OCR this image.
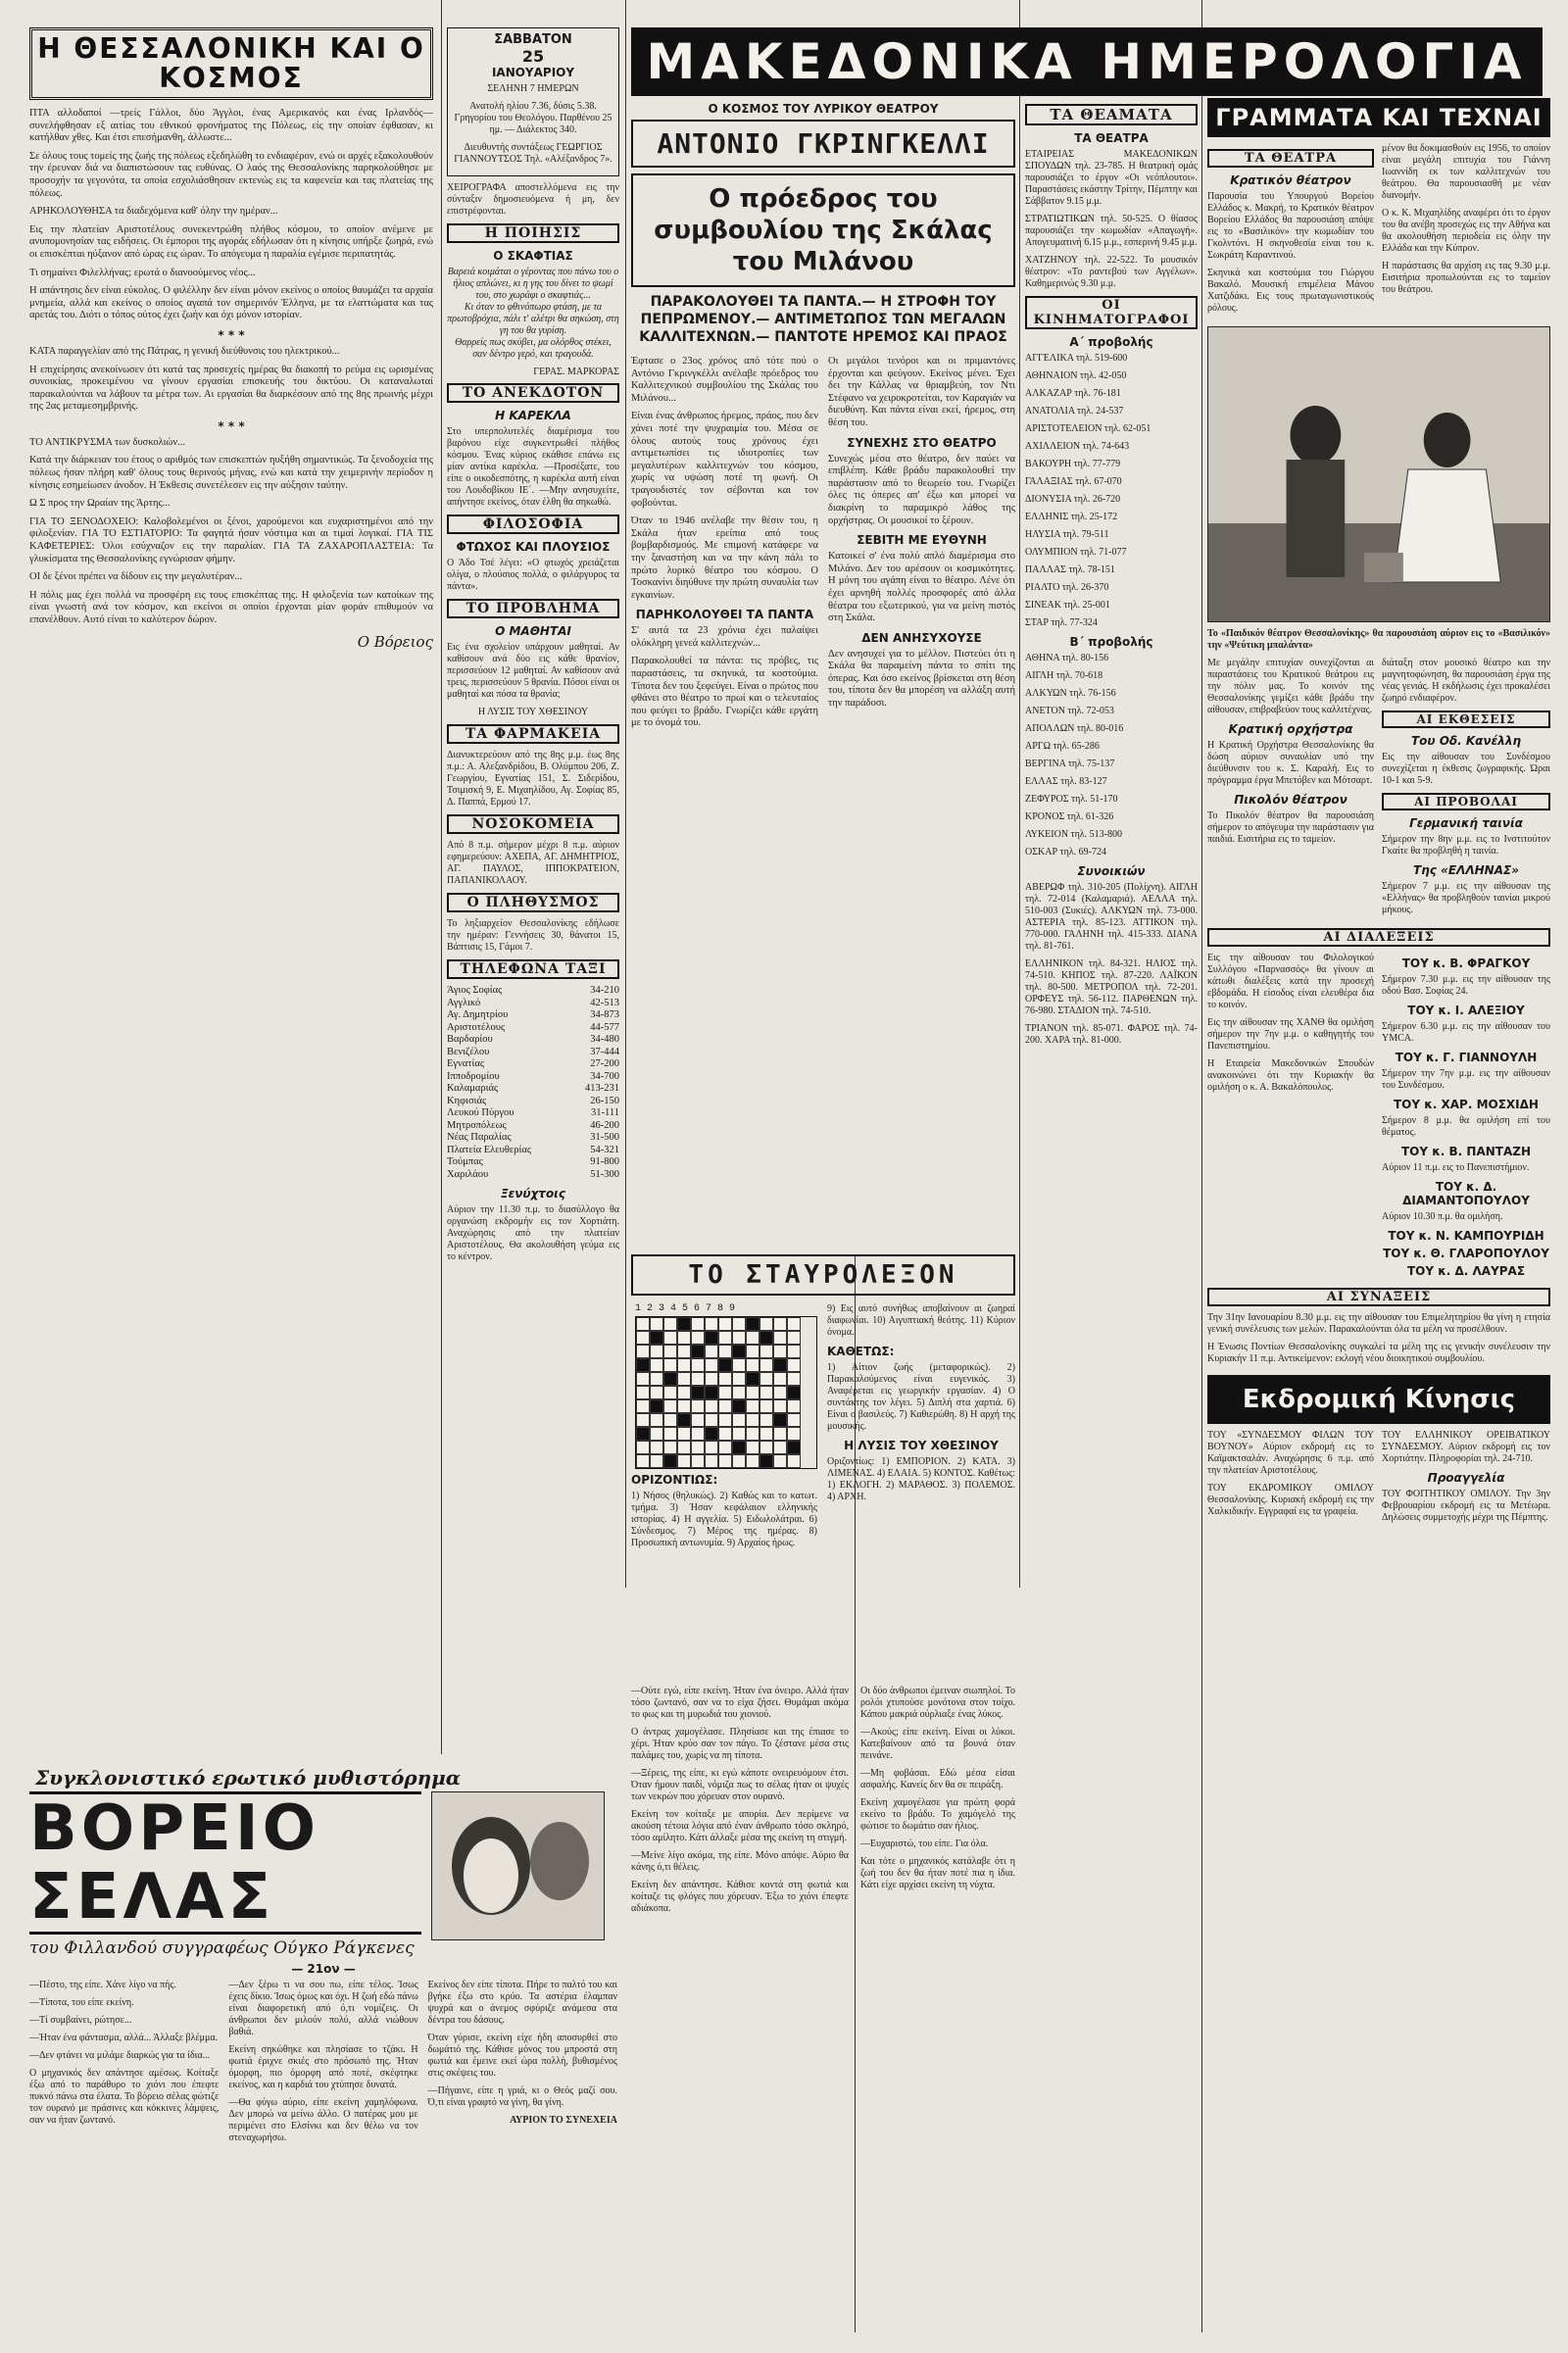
Η ΘΕΣΣΑΛΟΝΙΚΗ ΚΑΙ Ο ΚΟΣΜΟΣ

ΠΤΑ αλλοδαποί —τρείς Γάλλοι, δύο Άγγλοι, ένας Αμερικανός και ένας Ιρλανδός— συνελήφθησαν εξ αιτίας του εθνικού φρονήματος της Πόλεως, είς την οποίαν έφθασαν, κι κατήλθαν χθες. Και έτσι επεσήμανθη, άλλωστε...

Σε όλους τους τομείς της ζωής της πόλεως εξεδηλώθη το ενδιαφέρον, ενώ οι αρχές εξακολουθούν την έρευναν διά να διαπιστώσουν τας ευθύνας. Ο λαός της Θεσσαλονίκης παρηκολούθησε με προσοχήν τα γεγονότα, τα οποία εσχολιάσθησαν εκτενώς εις τα καφενεία και τας πλατείας της πόλεως.

ΑΡΗΚΟΛΟΥΘΗΣΑ τα διαδεχόμενα καθ' όλην την ημέραν...

Εις την πλατείαν Αριστοτέλους συνεκεντρώθη πλήθος κόσμου, το οποίον ανέμενε με ανυπομονησίαν τας ειδήσεις. Οι έμποροι της αγοράς εδήλωσαν ότι η κίνησις υπήρξε ζωηρά, ενώ οι επισκέπται ηύξανον από ώρας εις ώραν. Το απόγευμα η παραλία εγέμισε περιπατητάς.

Τι σημαίνει Φιλελλήνας; ερωτά ο διανοούμενος νέος...

Η απάντησις δεν είναι εύκολος. Ο φιλέλλην δεν είναι μόνον εκείνος ο οποίος θαυμάζει τα αρχαία μνημεία, αλλά και εκείνος ο οποίος αγαπά τον σημερινόν Έλληνα, με τα ελαττώματα και τας αρετάς του. Διότι ο τόπος ούτος έχει ζωήν και όχι μόνον ιστορίαν.

* * *

ΚΑΤΑ παραγγελίαν από της Πάτρας, η γενική διεύθυνσις του ηλεκτρικού...

Η επιχείρησις ανεκοίνωσεν ότι κατά τας προσεχείς ημέρας θα διακοπή το ρεύμα εις ωρισμένας συνοικίας, προκειμένου να γίνουν εργασίαι επισκευής του δικτύου. Οι καταναλωταί παρακαλούνται να λάβουν τα μέτρα των. Αι εργασίαι θα διαρκέσουν από της 8ης πρωινής μέχρι της 2ας μεταμεσημβρινής.

* * *

ΤΟ ΑΝΤΙΚΡΥΣΜΑ των δυσκολιών...

Κατά την διάρκειαν του έτους ο αριθμός των επισκεπτών ηυξήθη σημαντικώς. Τα ξενοδοχεία της πόλεως ήσαν πλήρη καθ' όλους τους θερινούς μήνας, ενώ και κατά την χειμερινήν περίοδον η κίνησις εσημείωσεν άνοδον. Η Έκθεσις συνετέλεσεν εις την αύξησιν ταύτην.

Ω Σ προς την Ωραίαν της Άρτης...

ΓΙΑ ΤΟ ΞΕΝΟΔΟΧΕΙΟ: Καλοβολεμένοι οι ξένοι, χαρούμενοι και ευχαριστημένοι από την φιλοξενίαν. ΓΙΑ ΤΟ ΕΣΤΙΑΤΟΡΙΟ: Τα φαγητά ήσαν νόστιμα και αι τιμαί λογικαί. ΓΙΑ ΤΙΣ ΚΑΦΕΤΕΡΙΕΣ: Όλοι εσύχναζον εις την παραλίαν. ΓΙΑ ΤΑ ΖΑΧΑΡΟΠΛΑΣΤΕΙΑ: Τα γλυκίσματα της Θεσσαλονίκης εγνώρισαν φήμην.

ΟΙ δε ξένοι πρέπει να δίδουν εις την μεγαλυτέραν...

Η πόλις μας έχει πολλά να προσφέρη εις τους επισκέπτας της. Η φιλοξενία των κατοίκων της είναι γνωστή ανά τον κόσμον, και εκείνοι οι οποίοι έρχονται μίαν φοράν επιθυμούν να επανέλθουν. Αυτό είναι το καλύτερον δώρον.

Ο Βόρειος
ΣΑΒΒΑΤΟΝ
25
ΙΑΝΟΥΑΡΙΟΥ
ΣΕΛΗΝΗ 7 ΗΜΕΡΩΝ

Ανατολή ηλίου 7.36, δύσις 5.38. Γρηγορίου του Θεολόγου. Παρθένου 25 ημ. — Διάλεκτος 340.

Διευθυντής συντάξεως ΓΕΩΡΓΙΟΣ ΓΙΑΝΝΟΥΤΣΟΣ Τηλ. «Αλέξανδρος 7».

ΧΕΙΡΟΓΡΑΦΑ αποστελλόμενα εις την σύνταξιν δημοσιευόμενα ή μη, δεν επιστρέφονται.

Η ΠΟΙΗΣΙΣ
Ο ΣΚΑΦΤΙΑΣ

Βαρειά κοιμάται ο γέροντας που πάνω του ο ήλιος απλώνει, κι η γης του δίνει το ψωμί του, στο χωράφι ο σκαφτιάς...
Κι όταν το φθινόπωρο φτάση, με τα πρωτοβρόχια, πάλι τ' αλέτρι θα σηκώση, στη γη του θα γυρίση.
Θαρρείς πως σκύβει, μα ολόρθος στέκει, σαν δέντρο γερό, και τραγουδά.

ΓΕΡΑΣ. ΜΑΡΚΟΡΑΣ
ΤΟ ΑΝΕΚΔΟΤΟΝ
Η ΚΑΡΕΚΛΑ

Στο υπερπολυτελές διαμέρισμα του βαρόνου είχε συγκεντρωθεί πλήθος κόσμου. Ένας κύριος εκάθισε επάνω εις μίαν αντίκα καρέκλα. —Προσέξατε, του είπε ο οικοδεσπότης, η καρέκλα αυτή είναι του Λουδοβίκου ΙΕ΄. —Μην ανησυχείτε, απήντησε εκείνος, όταν έλθη θα σηκωθώ.

ΦΙΛΟΣΟΦΙΑ
ΦΤΩΧΟΣ ΚΑΙ ΠΛΟΥΣΙΟΣ

Ο Άδο Τσέ λέγει: «Ο φτωχός χρειάζεται ολίγα, ο πλούσιος πολλά, ο φιλάργυρος τα πάντα».

ΤΟ ΠΡΟΒΛΗΜΑ
Ο ΜΑΘΗΤΑΙ

Εις ένα σχολείον υπάρχουν μαθηταί. Αν καθίσουν ανά δύο εις κάθε θρανίον, περισσεύουν 12 μαθηταί. Αν καθίσουν ανά τρεις, περισσεύουν 5 θρανία. Πόσοι είναι οι μαθηταί και πόσα τα θρανία;

Η ΛΥΣΙΣ ΤΟΥ ΧΘΕΣΙΝΟΥ

ΤΑ ΦΑΡΜΑΚΕΙΑ

Διανυκτερεύουν από της 8ης μ.μ. έως 8ης π.μ.: Α. Αλεξανδρίδου, Β. Ολύμπου 206, Ζ. Γεωργίου, Εγνατίας 151, Σ. Σιδερίδου, Τσιμισκή 9, Ε. Μιχαηλίδου, Αγ. Σοφίας 85, Δ. Παππά, Ερμού 17.

ΝΟΣΟΚΟΜΕΙΑ

Από 8 π.μ. σήμερον μέχρι 8 π.μ. αύριον εφημερεύουν: ΑΧΕΠΑ, ΑΓ. ΔΗΜΗΤΡΙΟΣ, ΑΓ. ΠΑΥΛΟΣ, ΙΠΠΟΚΡΑΤΕΙΟΝ, ΠΑΠΑΝΙΚΟΛΑΟΥ.

Ο ΠΛΗΘΥΣΜΟΣ

Το ληξιαρχείον Θεσσαλονίκης εδήλωσε την ημέραν: Γεννήσεις 30, θάνατοι 15, Βάπτισις 15, Γάμοι 7.

ΤΗΛΕΦΩΝΑ ΤΑΞΙ
Άγιος Σοφίας	34-210
Αγγλικό	42-513
Αγ. Δημητρίου	34-873
Αριστοτέλους	44-577
Βαρδαρίου	34-480
Βενιζέλου	37-444
Εγνατίας	27-200
Ιπποδρομίου	34-700
Καλαμαριάς	413-231
Κηφισιάς	26-150
Λευκού Πύργου	31-111
Μητροπόλεως	46-200
Νέας Παραλίας	31-500
Πλατεία Ελευθερίας	54-321
Τούμπας	91-800
Χαριλάου	51-300
Ξενύχτοις

Αύριον την 11.30 π.μ. το διασύλλογο θα οργανώση εκδρομήν εις τον Χορτιάτη. Αναχώρησις από την πλατείαν Αριστοτέλους. Θα ακολουθήση γεύμα εις το κέντρον.

ΜΑΚΕΔΟΝΙΚΑ ΗΜΕΡΟΛΟΓΙΑ
Ο ΚΟΣΜΟΣ ΤΟΥ ΛΥΡΙΚΟΥ ΘΕΑΤΡΟΥ
ΑΝΤΟΝΙΟ ΓΚΡΙΝΓΚΕΛΛΙ
Ο πρόεδρος του συμβουλίου της Σκάλας του Μιλάνου
ΠΑΡΑΚΟΛΟΥΘΕΙ ΤΑ ΠΑΝΤΑ.— Η ΣΤΡΟΦΗ ΤΟΥ ΠΕΠΡΩΜΕΝΟΥ.— ΑΝΤΙΜΕΤΩΠΟΣ ΤΩΝ ΜΕΓΑΛΩΝ ΚΑΛΛΙΤΕΧΝΩΝ.— ΠΑΝΤΟΤΕ ΗΡΕΜΟΣ ΚΑΙ ΠΡΑΟΣ

Έφτασε ο 23ος χρόνος από τότε πού ο Αντόνιο Γκρινγκέλλι ανέλαβε πρόεδρος του Καλλιτεχνικού συμβουλίου της Σκάλας του Μιλάνου...

Είναι ένας άνθρωπος ήρεμος, πράος, που δεν χάνει ποτέ την ψυχραιμία του. Μέσα σε όλους αυτούς τους χρόνους έχει αντιμετωπίσει τις ιδιοτροπίες των μεγαλυτέρων καλλιτεχνών του κόσμου, χωρίς να υψώση ποτέ τη φωνή. Οι τραγουδιστές τον σέβονται και τον φοβούνται.

Όταν το 1946 ανέλαβε την θέσιν του, η Σκάλα ήταν ερείπια από τους βομβαρδισμούς. Με επιμονή κατάφερε να την ξαναστήση και να την κάνη πάλι το πρώτο λυρικό θέατρο του κόσμου. Ο Τοσκανίνι διηύθυνε την πρώτη συναυλία των εγκαινίων.

ΠΑΡΗΚΟΛΟΥΘΕΙ ΤΑ ΠΑΝΤΑ

Σ' αυτά τα 23 χρόνια έχει παλαίψει ολόκληρη γενεά καλλιτεχνών...

Παρακολουθεί τα πάντα: τις πρόβες, τις παραστάσεις, τα σκηνικά, τα κοστούμια. Τίποτα δεν του ξεφεύγει. Είναι ο πρώτος που φθάνει στο θέατρο το πρωί και ο τελευταίος που φεύγει το βράδυ. Γνωρίζει κάθε εργάτη με το όνομά του.

Οι μεγάλοι τενόροι και οι πριμαντόνες έρχονται και φεύγουν. Εκείνος μένει. Έχει δει την Κάλλας να θριαμβεύη, τον Ντι Στέφανο να χειροκροτείται, τον Καραγιάν να διευθύνη. Και πάντα είναι εκεί, ήρεμος, στη θέση του.

ΣΥΝΕΧΗΣ ΣΤΟ ΘΕΑΤΡΟ

Συνεχώς μέσα στο θέατρο, δεν παύει να επιβλέπη. Κάθε βράδυ παρακολουθεί την παράστασιν από το θεωρείο του. Γνωρίζει όλες τις όπερες απ' έξω και μπορεί να διακρίνη το παραμικρό λάθος της ορχήστρας. Οι μουσικοί το ξέρουν.

ΣΕΒΙΤΗ ΜΕ ΕΥΘΥΝΗ

Κατοικεί σ' ένα πολύ απλό διαμέρισμα στο Μιλάνο. Δεν του αρέσουν οι κοσμικότητες. Η μόνη του αγάπη είναι το θέατρο. Λένε ότι έχει αρνηθή πολλές προσφορές από άλλα θέατρα του εξωτερικού, για να μείνη πιστός στη Σκάλα.

ΔΕΝ ΑΝΗΣΥΧΟΥΣΕ

Δεν ανησυχεί για το μέλλον. Πιστεύει ότι η Σκάλα θα παραμείνη πάντα το σπίτι της όπερας. Και όσο εκείνος βρίσκεται στη θέση του, τίποτα δεν θα μπορέση να αλλάξη αυτή την παράδοσι.

ΤΑ ΘΕΑΜΑΤΑ
ΤΑ ΘΕΑΤΡΑ

ΕΤΑΙΡΕΙΑΣ ΜΑΚΕΔΟΝΙΚΩΝ ΣΠΟΥΔΩΝ τηλ. 23-785. Η θεατρική ομάς παρουσιάζει το έργον «Οι νεόπλουτοι». Παραστάσεις εκάστην Τρίτην, Πέμπτην και Σάββατον 9.15 μ.μ.

ΣΤΡΑΤΙΩΤΙΚΩΝ τηλ. 50-525. Ο θίασος παρουσιάζει την κωμωδίαν «Απαγωγή». Απογευματινή 6.15 μ.μ., εσπερινή 9.45 μ.μ.

ΧΑΤΖΗΝΟΥ τηλ. 22-522. Το μουσικόν θέατρον: «Το ραντεβού των Αγγέλων». Καθημερινώς 9.30 μ.μ.

ΟΙ ΚΙΝΗΜΑΤΟΓΡΑΦΟΙ
Α΄ προβολής

ΑΓΓΕΛΙΚΑ τηλ. 519-600

ΑΘΗΝΑΙΟΝ τηλ. 42-050

ΑΛΚΑΖΑΡ τηλ. 76-181

ΑΝΑΤΟΛΙΑ τηλ. 24-537

ΑΡΙΣΤΟΤΕΛΕΙΟΝ τηλ. 62-051

ΑΧΙΛΛΕΙΟΝ τηλ. 74-643

ΒΑΚΟΥΡΗ τηλ. 77-779

ΓΑΛΑΞΙΑΣ τηλ. 67-070

ΔΙΟΝΥΣΙΑ τηλ. 26-720

ΕΛΛΗΝΙΣ τηλ. 25-172

ΗΛΥΣΙΑ τηλ. 79-511

ΟΛΥΜΠΙΟΝ τηλ. 71-077

ΠΑΛΛΑΣ τηλ. 78-151

ΡΙΑΛΤΟ τηλ. 26-370

ΣΙΝΕΑΚ τηλ. 25-001

ΣΤΑΡ τηλ. 77-324

Β΄ προβολής

ΑΘΗΝΑ τηλ. 80-156

ΑΙΓΛΗ τηλ. 70-618

ΑΛΚΥΩΝ τηλ. 76-156

ΑΝΕΤΟΝ τηλ. 72-053

ΑΠΟΛΛΩΝ τηλ. 80-016

ΑΡΓΩ τηλ. 65-286

ΒΕΡΓΙΝΑ τηλ. 75-137

ΕΛΛΑΣ τηλ. 83-127

ΖΕΦΥΡΟΣ τηλ. 51-170

ΚΡΟΝΟΣ τηλ. 61-326

ΛΥΚΕΙΟΝ τηλ. 513-800

ΟΣΚΑΡ τηλ. 69-724

Συνοικιών

ΑΒΕΡΩΦ τηλ. 310-205 (Πολίχνη). ΑΙΓΛΗ τηλ. 72-014 (Καλαμαριά). ΑΕΛΛΑ τηλ. 510-003 (Συκιές). ΑΛΚΥΩΝ τηλ. 73-000. ΑΣΤΕΡΙΑ τηλ. 85-123. ΑΤΤΙΚΟΝ τηλ. 770-000. ΓΑΛΗΝΗ τηλ. 415-333. ΔΙΑΝΑ τηλ. 81-761.

ΕΛΛΗΝΙΚΟΝ τηλ. 84-321. ΗΛΙΟΣ τηλ. 74-510. ΚΗΠΟΣ τηλ. 87-220. ΛΑΪΚΟΝ τηλ. 80-500. ΜΕΤΡΟΠΟΛ τηλ. 72-201. ΟΡΦΕΥΣ τηλ. 56-112. ΠΑΡΘΕΝΩΝ τηλ. 76-980. ΣΤΑΔΙΟΝ τηλ. 74-510.

ΤΡΙΑΝΟΝ τηλ. 85-071. ΦΑΡΟΣ τηλ. 74-200. ΧΑΡΑ τηλ. 81-000.

ΓΡΑΜΜΑΤΑ ΚΑΙ ΤΕΧΝΑΙ
ΤΑ ΘΕΑΤΡΑ
Κρατικόν θέατρον

Παρουσία του Υπουργού Βορείου Ελλάδος κ. Μακρή, το Κρατικόν θέατρον Βορείου Ελλάδος θα παρουσιάση απόψε εις το «Βασιλικόν» την κωμωδίαν του Γκολντόνι. Η σκηνοθεσία είναι του κ. Σωκράτη Καραντινού.

Σκηνικά και κοστούμια του Γιώργου Βακαλό. Μουσική επιμέλεια Μάνου Χατζιδάκι. Εις τους πρωταγωνιστικούς ρόλους.

μένον θα δοκιμασθούν εις 1956, το οποίον είναι μεγάλη επιτυχία του Γιάννη Ιωαννίδη εκ των καλλιτεχνών του θεάτρου. Θα παρουσιασθή με νέαν διανομήν.

Ο κ. Κ. Μιχαηλίδης αναφέρει ότι το έργον του θα ανέβη προσεχώς εις την Αθήνα και θα ακολουθήση περιοδεία εις όλην την Ελλάδα και την Κύπρον.

Η παράστασις θα αρχίση εις τας 9.30 μ.μ. Εισιτήρια προπωλούνται εις το ταμείον του θεάτρου.

Το «Παιδικόν θέατρον Θεσσαλονίκης» θα παρουσιάση αύριον εις το «Βασιλικόν» την «Ψεύτικη μπαλάντα»

Με μεγάλην επιτυχίαν συνεχίζονται αι παραστάσεις του Κρατικού θεάτρου εις την πόλιν μας. Το κοινόν της Θεσσαλονίκης γεμίζει κάθε βράδυ την αίθουσαν, επιβραβεύον τους καλλιτέχνας.

Κρατική ορχήστρα

Η Κρατική Ορχήστρα Θεσσαλονίκης θα δώση αύριον συναυλίαν υπό την διεύθυνσιν του κ. Σ. Καραλή. Εις το πρόγραμμα έργα Μπετόβεν και Μότσαρτ.

Πικολόν θέατρον

Το Πικολόν θέατρον θα παρουσιάση σήμερον το απόγευμα την παράστασιν για παιδιά. Εισιτήρια εις το ταμείον.

διάταξη στον μουσικό θέατρο και την μαγνητοφώνηση, θα παρουσιάση έργα της νέας γενιάς. Η εκδήλωσις έχει προκαλέσει ζωηρό ενδιαφέρον.

ΑΙ ΕΚΘΕΣΕΙΣ
Του Οδ. Κανέλλη

Εις την αίθουσαν του Συνδέσμου συνεχίζεται η έκθεσις ζωγραφικής. Ώραι 10-1 και 5-9.

ΑΙ ΠΡΟΒΟΛΑΙ
Γερμανική ταινία

Σήμερον την 8ην μ.μ. εις το Ινστιτούτον Γκαίτε θα προβληθή η ταινία.

Της «ΕΛΛΗΝΑΣ»

Σήμερον 7 μ.μ. εις την αίθουσαν της «Ελλήνας» θα προβληθούν ταινίαι μικρού μήκους.

ΑΙ ΔΙΑΛΕΞΕΙΣ

Εις την αίθουσαν του Φιλολογικού Συλλόγου «Παρνασσός» θα γίνουν αι κάτωθι διαλέξεις κατά την προσεχή εβδομάδα. Η είσοδος είναι ελευθέρα δια το κοινόν.

Εις την αίθουσαν της ΧΑΝΘ θα ομιλήση σήμερον την 7ην μ.μ. ο καθηγητής του Πανεπιστημίου.

Η Εταιρεία Μακεδονικών Σπουδών ανακοινώνει ότι την Κυριακήν θα ομιλήση ο κ. Α. Βακαλόπουλος.

ΤΟΥ κ. Β. ΦΡΑΓΚΟΥ

Σήμερον 7.30 μ.μ. εις την αίθουσαν της οδού Βασ. Σοφίας 24.

ΤΟΥ κ. Ι. ΑΛΕΞΙΟΥ

Σήμερον 6.30 μ.μ. εις την αίθουσαν του ΥΜCA.

ΤΟΥ κ. Γ. ΓΙΑΝΝΟΥΛΗ

Σήμερον την 7ην μ.μ. εις την αίθουσαν του Συνδέσμου.

ΤΟΥ κ. ΧΑΡ. ΜΟΣΧΙΔΗ

Σήμερον 8 μ.μ. θα ομιλήση επί του θέματος.

ΤΟΥ κ. Β. ΠΑΝΤΑΖΗ

Αύριον 11 π.μ. εις το Πανεπιστήμιον.

ΤΟΥ κ. Δ. ΔΙΑΜΑΝΤΟΠΟΥΛΟΥ

Αύριον 10.30 π.μ. θα ομιλήση.

ΤΟΥ κ. Ν. ΚΑΜΠΟΥΡΙΔΗ
ΤΟΥ κ. Θ. ΓΛΑΡΟΠΟΥΛΟΥ
ΤΟΥ κ. Δ. ΛΑΥΡΑΣ
ΑΙ ΣΥΝΑΞΕΙΣ

Την 31ην Ιανουαρίου 8.30 μ.μ. εις την αίθουσαν του Επιμελητηρίου θα γίνη η ετησία γενική συνέλευσις των μελών. Παρακαλούνται όλα τα μέλη να προσέλθουν.

Η Ένωσις Ποντίων Θεσσαλονίκης συγκαλεί τα μέλη της εις γενικήν συνέλευσιν την Κυριακήν 11 π.μ. Αντικείμενον: εκλογή νέου διοικητικού συμβουλίου.

Εκδρομική Κίνησις

ΤΟΥ «ΣΥΝΔΕΣΜΟΥ ΦΙΛΩΝ ΤΟΥ ΒΟΥΝΟΥ» Αύριον εκδρομή εις το Καϊμακτσαλάν. Αναχώρησις 6 π.μ. από την πλατείαν Αριστοτέλους.

ΤΟΥ ΕΚΔΡΟΜΙΚΟΥ ΟΜΙΛΟΥ Θεσσαλονίκης. Κυριακή εκδρομή εις την Χαλκιδικήν. Εγγραφαί εις τα γραφεία.

ΤΟΥ ΕΛΛΗΝΙΚΟΥ ΟΡΕΙΒΑΤΙΚΟΥ ΣΥΝΔΕΣΜΟΥ. Αύριον εκδρομή εις τον Χορτιάτην. Πληροφορίαι τηλ. 24-710.

Προαγγελία

ΤΟΥ ΦΟΙΤΗΤΙΚΟΥ ΟΜΙΛΟΥ. Την 3ην Φεβρουαρίου εκδρομή εις τα Μετέωρα. Δηλώσεις συμμετοχής μέχρι της Πέμπτης.

ΤΟ ΣΤΑΥΡΟΛΕΞΟΝ
1 2 3 4 5 6 7 8 9
ΟΡΙΖΟΝΤΙΩΣ:

1) Νήσος (θηλυκώς). 2) Καθώς και το κατωτ. τμήμα. 3) Ήσαν κεφάλαιον ελληνικής ιστορίας. 4) Η αγγελία. 5) Ειδωλολάτραι. 6) Σύνδεσμος. 7) Μέρος της ημέρας. 8) Προσωπική αντωνυμία. 9) Αρχαίος ήρως.

9) Εις αυτό συνήθως αποβαίνουν αι ζωηραί διαφωνίαι. 10) Αιγυπτιακή θεότης. 11) Κύριον όνομα.

ΚΑΘΕΤΩΣ:

1) Αίτιον ζωής (μεταφορικώς). 2) Παρακαλούμενος είναι ευγενικός. 3) Αναφέρεται εις γεωργικήν εργασίαν. 4) Ο συντάκτης τον λέγει. 5) Διπλή στα χαρτιά. 6) Είναι ο βασιλεύς. 7) Καθιερώθη. 8) Η αρχή της μουσικής.

Η ΛΥΣΙΣ ΤΟΥ ΧΘΕΣΙΝΟΥ

Οριζοντίως: 1) ΕΜΠΟΡΙΟΝ. 2) ΚΑΤΑ. 3) ΛΙΜΕΝΑΣ. 4) ΕΛΑΙΑ. 5) ΚΟΝΤΟΣ. Καθέτως: 1) ΕΚΛΟΓΗ. 2) ΜΑΡΑΘΟΣ. 3) ΠΟΛΕΜΟΣ. 4) ΑΡΧΗ.

Συγκλονιστικό ερωτικό μυθιστόρημα
ΒΟΡΕΙΟ ΣΕΛΑΣ
του Φιλλανδού συγγραφέως Ούγκο Ράγκενες
— 21ον —

—Πέστο, της είπε. Χάνε λίγο να πής.

—Τίποτα, του είπε εκείνη.

—Τί συμβαίνει, ρώτησε...

—Ήταν ένα φάντασμα, αλλά... Άλλαξε βλέμμα.

—Δεν φτάνει να μιλάμε διαρκώς για τα ίδια...

Ο μηχανικός δεν απάντησε αμέσως. Κοίταξε έξω από το παράθυρο το χιόνι που έπεφτε πυκνό πάνω στα έλατα. Το βόρειο σέλας φώτιζε τον ουρανό με πράσινες και κόκκινες λάμψεις, σαν να ήταν ζωντανό.

—Δεν ξέρω τι να σου πω, είπε τέλος. Ίσως έχεις δίκιο. Ίσως όμως και όχι. Η ζωή εδώ πάνω είναι διαφορετική από ό,τι νομίζεις. Οι άνθρωποι δεν μιλούν πολύ, αλλά νιώθουν βαθιά.

Εκείνη σηκώθηκε και πλησίασε το τζάκι. Η φωτιά έριχνε σκιές στο πρόσωπό της. Ήταν όμορφη, πιο όμορφη από ποτέ, σκέφτηκε εκείνος, και η καρδιά του χτύπησε δυνατά.

—Θα φύγω αύριο, είπε εκείνη χαμηλόφωνα. Δεν μπορώ να μείνω άλλο. Ο πατέρας μου με περιμένει στο Ελσίνκι και δεν θέλω να τον στεναχωρήσω.

Εκείνος δεν είπε τίποτα. Πήρε το παλτό του και βγήκε έξω στο κρύο. Τα αστέρια έλαμπαν ψυχρά και ο άνεμος σφύριζε ανάμεσα στα δέντρα του δάσους.

Όταν γύρισε, εκείνη είχε ήδη αποσυρθεί στο δωμάτιό της. Κάθισε μόνος του μπροστά στη φωτιά και έμεινε εκεί ώρα πολλή, βυθισμένος στις σκέψεις του.

—Πήγαινε, είπε η γριά, κι ο Θεός μαζί σου. Ό,τι είναι γραφτό να γίνη, θα γίνη.

ΑΥΡΙΟΝ ΤΟ ΣΥΝΕΧΕΙΑ

—Ούτε εγώ, είπε εκείνη. Ήταν ένα όνειρο. Αλλά ήταν τόσο ζωντανό, σαν να το είχα ζήσει. Θυμάμαι ακόμα το φως και τη μυρωδιά του χιονιού.

Ο άντρας χαμογέλασε. Πλησίασε και της έπιασε το χέρι. Ήταν κρύο σαν τον πάγο. Το ζέστανε μέσα στις παλάμες του, χωρίς να πη τίποτα.

—Ξέρεις, της είπε, κι εγώ κάποτε ονειρευόμουν έτσι. Όταν ήμουν παιδί, νόμιζα πως το σέλας ήταν οι ψυχές των νεκρών που χόρευαν στον ουρανό.

Εκείνη τον κοίταξε με απορία. Δεν περίμενε να ακούση τέτοια λόγια από έναν άνθρωπο τόσο σκληρό, τόσο αμίλητο. Κάτι άλλαξε μέσα της εκείνη τη στιγμή.

—Μείνε λίγο ακόμα, της είπε. Μόνο απόψε. Αύριο θα κάνης ό,τι θέλεις.

Εκείνη δεν απάντησε. Κάθισε κοντά στη φωτιά και κοίταζε τις φλόγες που χόρευαν. Έξω το χιόνι έπεφτε αδιάκοπα.

Οι δύο άνθρωποι έμειναν σιωπηλοί. Το ρολόι χτυπούσε μονότονα στον τοίχο. Κάπου μακριά ούρλιαξε ένας λύκος.

—Ακούς; είπε εκείνη. Είναι οι λύκοι. Κατεβαίνουν από τα βουνά όταν πεινάνε.

—Μη φοβάσαι. Εδώ μέσα είσαι ασφαλής. Κανείς δεν θα σε πειράξη.

Εκείνη χαμογέλασε για πρώτη φορά εκείνο το βράδυ. Το χαμόγελό της φώτισε το δωμάτιο σαν ήλιος.

—Ευχαριστώ, του είπε. Για όλα.

Και τότε ο μηχανικός κατάλαβε ότι η ζωή του δεν θα ήταν ποτέ πια η ίδια. Κάτι είχε αρχίσει εκείνη τη νύχτα.
